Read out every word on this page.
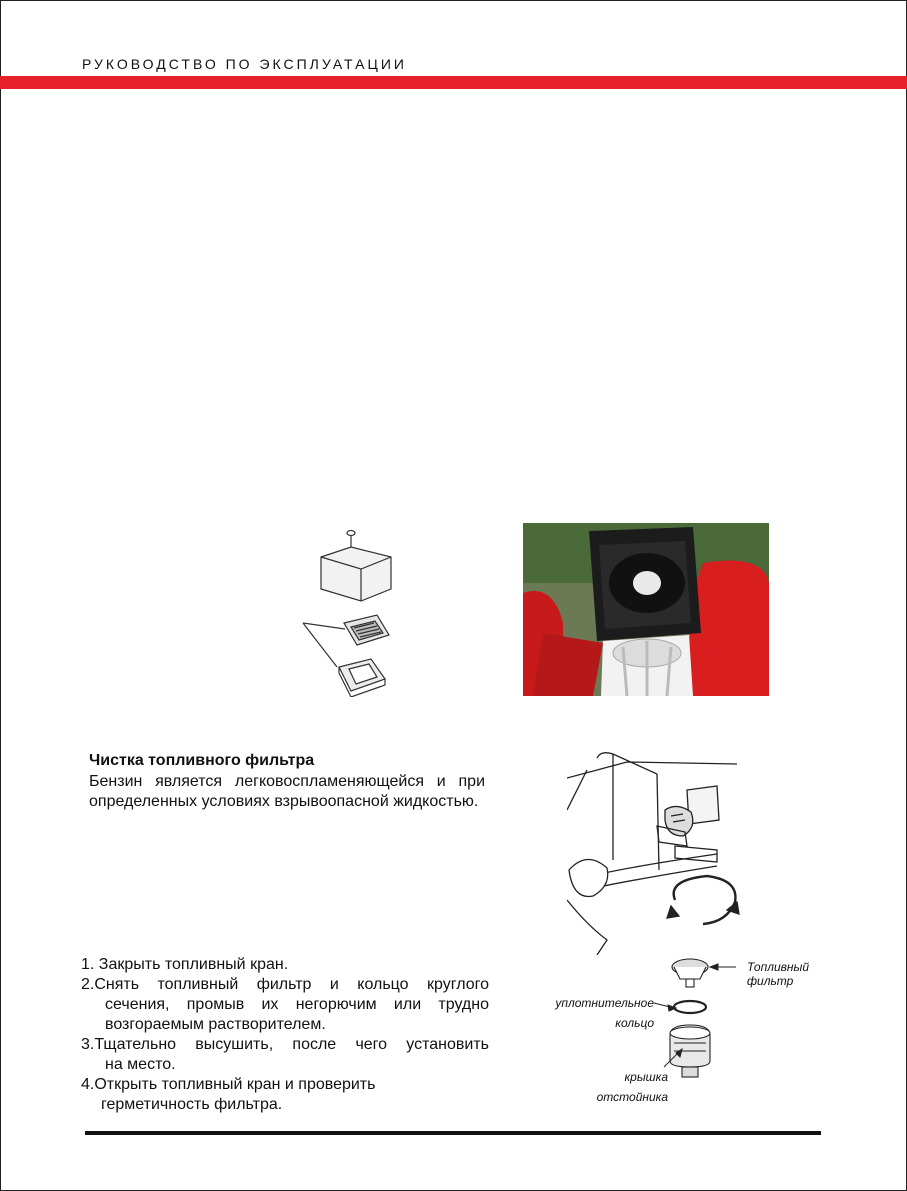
РУКОВОДСТВО ПО ЭКСПЛУАТАЦИИ
Чистка топливного фильтра

Бензин является легковоспламеняющейся и при определенных условиях взрывоопасной жидкостью.

Топливный
фильтр
уплотнительное
кольцо
крышка
отстойника
1. Закрыть топливный кран.
2.Снять топливный фильтр и кольцо круглого
сечения, промыв их негорючим или трудно возгораемым растворителем.
3.Тщательно высушить, после чего установить
на место.
4.Открыть топливный кран и проверить
герметичность фильтра.
